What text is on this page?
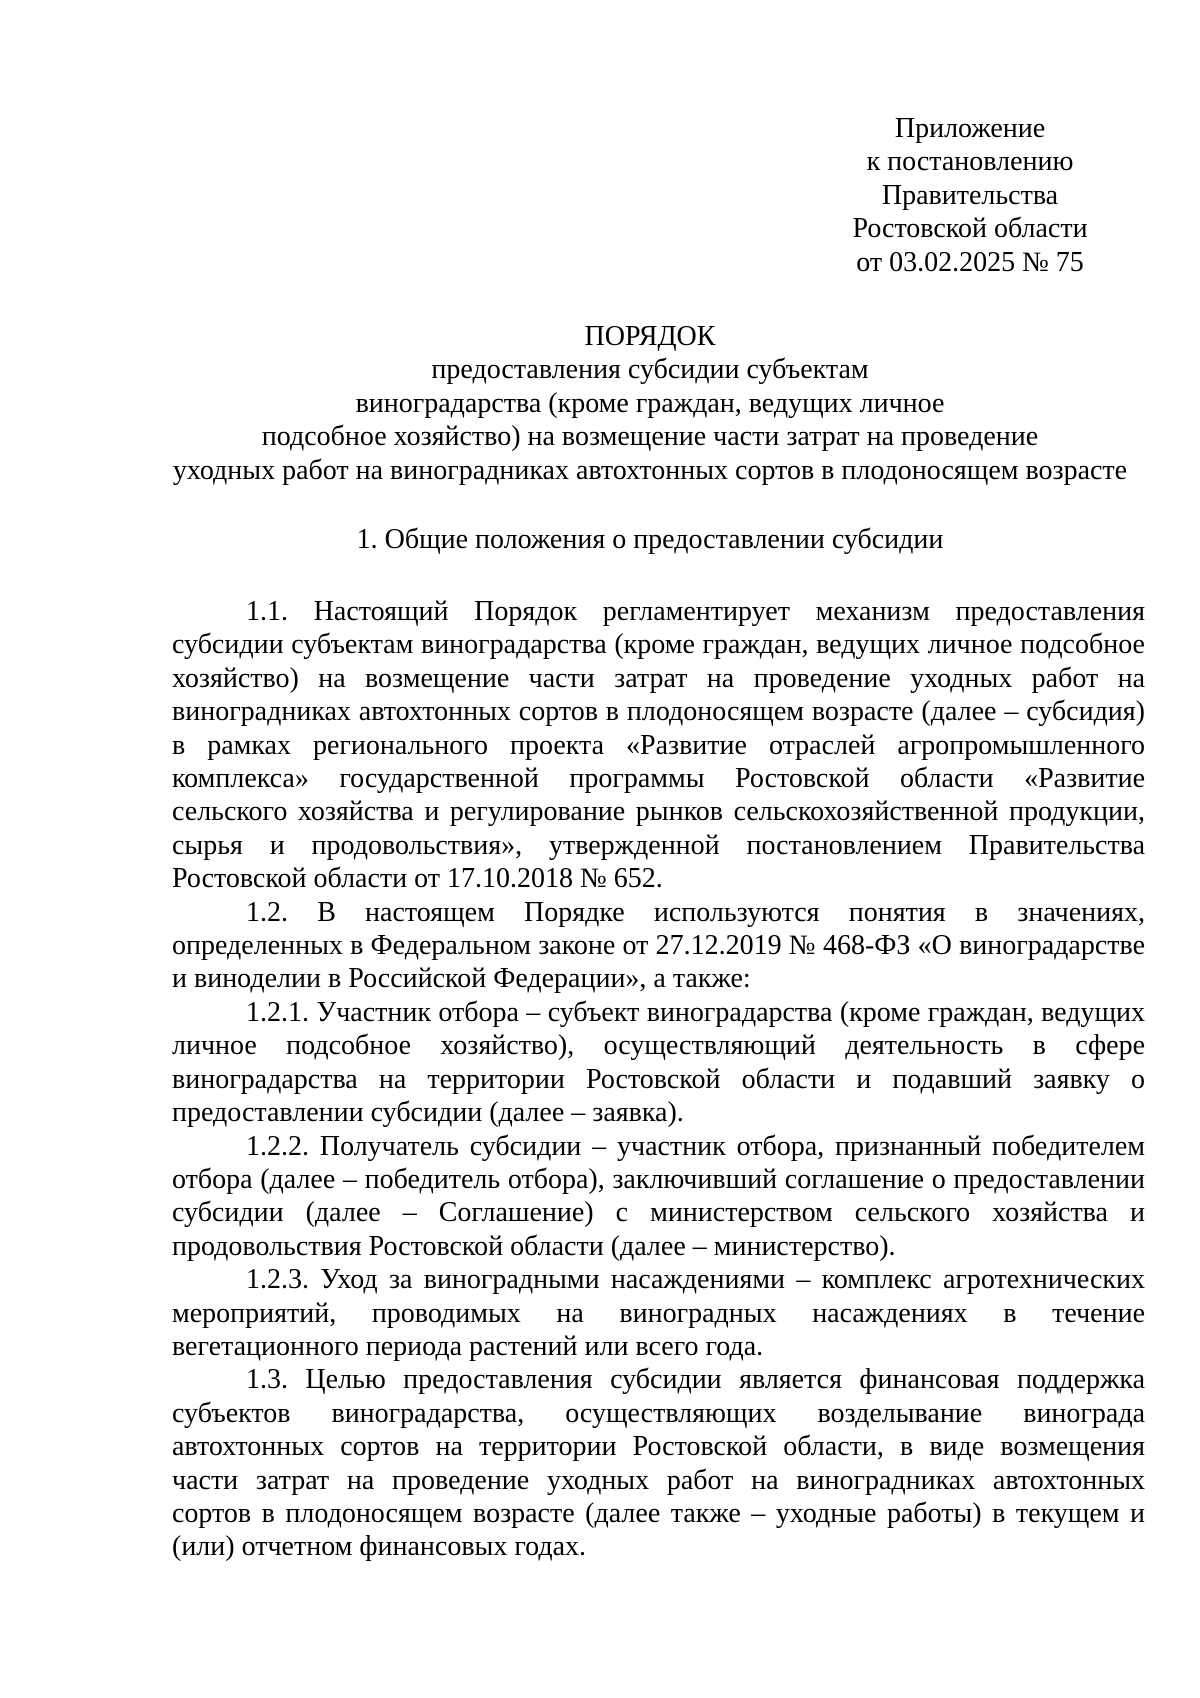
Приложение
к постановлению
Правительства
Ростовской области
от 03.02.2025 № 75
ПОРЯДОК
предоставления субсидии субъектам
виноградарства (кроме граждан, ведущих личное
подсобное хозяйство) на возмещение части затрат на проведение
уходных работ на виноградниках автохтонных сортов в плодоносящем возрасте
1. Общие положения о предоставлении субсидии

1.1. Настоящий Порядок регламентирует механизм предоставления субсидии субъектам виноградарства (кроме граждан, ведущих личное подсобное хозяйство) на возмещение части затрат на проведение уходных работ на виноградниках автохтонных сортов в плодоносящем возрасте (далее – субсидия) в рамках регионального проекта «Развитие отраслей агропромышленного комплекса» государственной программы Ростовской области «Развитие сельского хозяйства и регулирование рынков сельскохозяйственной продукции, сырья и продовольствия», утвержденной постановлением Правительства Ростовской области от 17.10.2018 № 652.

1.2. В настоящем Порядке используются понятия в значениях, определенных в Федеральном законе от 27.12.2019 № 468-ФЗ «О виноградарстве и виноделии в Российской Федерации», а также:

1.2.1. Участник отбора – субъект виноградарства (кроме граждан, ведущих личное подсобное хозяйство), осуществляющий деятельность в сфере виноградарства на территории Ростовской области и подавший заявку о предоставлении субсидии (далее – заявка).

1.2.2. Получатель субсидии – участник отбора, признанный победителем отбора (далее – победитель отбора), заключивший соглашение о предоставлении субсидии (далее – Соглашение) с министерством сельского хозяйства и продовольствия Ростовской области (далее – министерство).

1.2.3. Уход за виноградными насаждениями – комплекс агротехнических мероприятий, проводимых на виноградных насаждениях в течение вегетационного периода растений или всего года.

1.3. Целью предоставления субсидии является финансовая поддержка субъектов виноградарства, осуществляющих возделывание винограда автохтонных сортов на территории Ростовской области, в виде возмещения части затрат на проведение уходных работ на виноградниках автохтонных сортов в плодоносящем возрасте (далее также – уходные работы) в текущем и (или) отчетном финансовых годах.
